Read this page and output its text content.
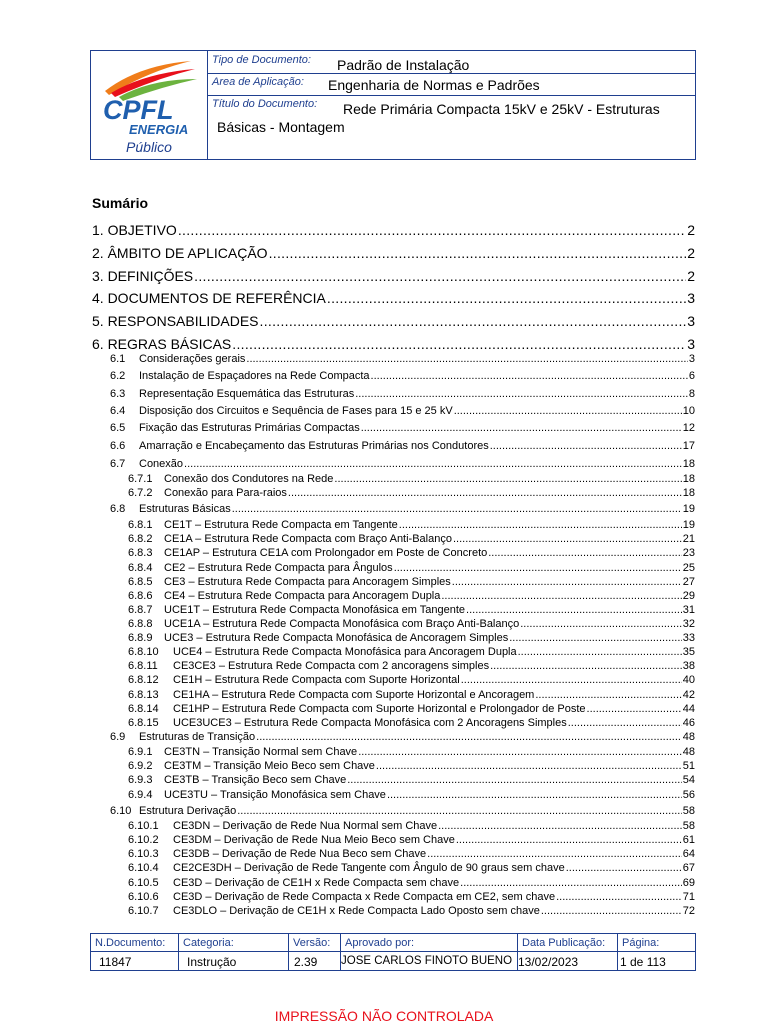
CPFL
ENERGIA
Público
Tipo de Documento: Padrão de Instalação
Area de Aplicação: Engenharia de Normas e Padrões
Título do Documento: Rede Primária Compacta 15kV e 25kV - Estruturas
Básicas - Montagem
Sumário
1. OBJETIVO .....	2
2. ÂMBITO DE APLICAÇÃO .....	2
3. DEFINIÇÕES .....	2
4. DOCUMENTOS DE REFERÊNCIA .....	3
5. RESPONSABILIDADES .....	3
6. REGRAS BÁSICAS .....	3
6.1 Considerações gerais .....	3
6.2 Instalação de Espaçadores na Rede Compacta .....	6
6.3 Representação Esquemática das Estruturas .....	8
6.4 Disposição dos Circuitos e Sequência de Fases para 15 e 25 kV .....	10
6.5 Fixação das Estruturas Primárias Compactas .....	12
6.6 Amarração e Encabeçamento das Estruturas Primárias nos Condutores .....	17
6.7 Conexão .....	18
6.7.1 Conexão dos Condutores na Rede .....	18
6.7.2 Conexão para Para-raios .....	18
6.8 Estruturas Básicas .....	19
6.8.1 CE1T – Estrutura Rede Compacta em Tangente .....	19
6.8.2 CE1A – Estrutura Rede Compacta com Braço Anti-Balanço .....	21
6.8.3 CE1AP – Estrutura CE1A com Prolongador em Poste de Concreto .....	23
6.8.4 CE2 – Estrutura Rede Compacta para Ângulos .....	25
6.8.5 CE3 – Estrutura Rede Compacta para Ancoragem Simples .....	27
6.8.6 CE4 – Estrutura Rede Compacta para Ancoragem Dupla .....	29
6.8.7 UCE1T – Estrutura Rede Compacta Monofásica em Tangente .....	31
6.8.8 UCE1A – Estrutura Rede Compacta Monofásica com Braço Anti-Balanço .....	32
6.8.9 UCE3 – Estrutura Rede Compacta Monofásica de Ancoragem Simples .....	33
6.8.10 UCE4 – Estrutura Rede Compacta Monofásica para Ancoragem Dupla .....	35
6.8.11 CE3CE3 – Estrutura Rede Compacta com 2 ancoragens simples .....	38
6.8.12 CE1H – Estrutura Rede Compacta com Suporte Horizontal .....	40
6.8.13 CE1HA – Estrutura Rede Compacta com Suporte Horizontal e Ancoragem .....	42
6.8.14 CE1HP – Estrutura Rede Compacta com Suporte Horizontal e Prolongador de Poste .....	44
6.8.15 UCE3UCE3 – Estrutura Rede Compacta Monofásica com 2 Ancoragens Simples .....	46
6.9 Estruturas de Transição .....	48
6.9.1 CE3TN – Transição Normal sem Chave .....	48
6.9.2 CE3TM – Transição Meio Beco sem Chave .....	51
6.9.3 CE3TB – Transição Beco sem Chave .....	54
6.9.4 UCE3TU – Transição Monofásica sem Chave .....	56
6.10 Estrutura Derivação .....	58
6.10.1 CE3DN – Derivação de Rede Nua Normal sem Chave .....	58
6.10.2 CE3DM – Derivação de Rede Nua Meio Beco sem Chave .....	61
6.10.3 CE3DB – Derivação de Rede Nua Beco sem Chave .....	64
6.10.4 CE2CE3DH – Derivação de Rede Tangente com Ângulo de 90 graus sem chave .....	67
6.10.5 CE3D – Derivação de CE1H x Rede Compacta sem chave .....	69
6.10.6 CE3D – Derivação de Rede Compacta x Rede Compacta em CE2, sem chave .....	71
6.10.7 CE3DLO – Derivação de CE1H x Rede Compacta Lado Oposto sem chave .....	72
N.Documento:
11847
Categoria:
Instrução
Versão:
2.39
Aprovado por:
JOSE CARLOS FINOTO BUENO
Data Publicação:
13/02/2023
Página:
1 de 113
IMPRESSÃO NÃO CONTROLADA
